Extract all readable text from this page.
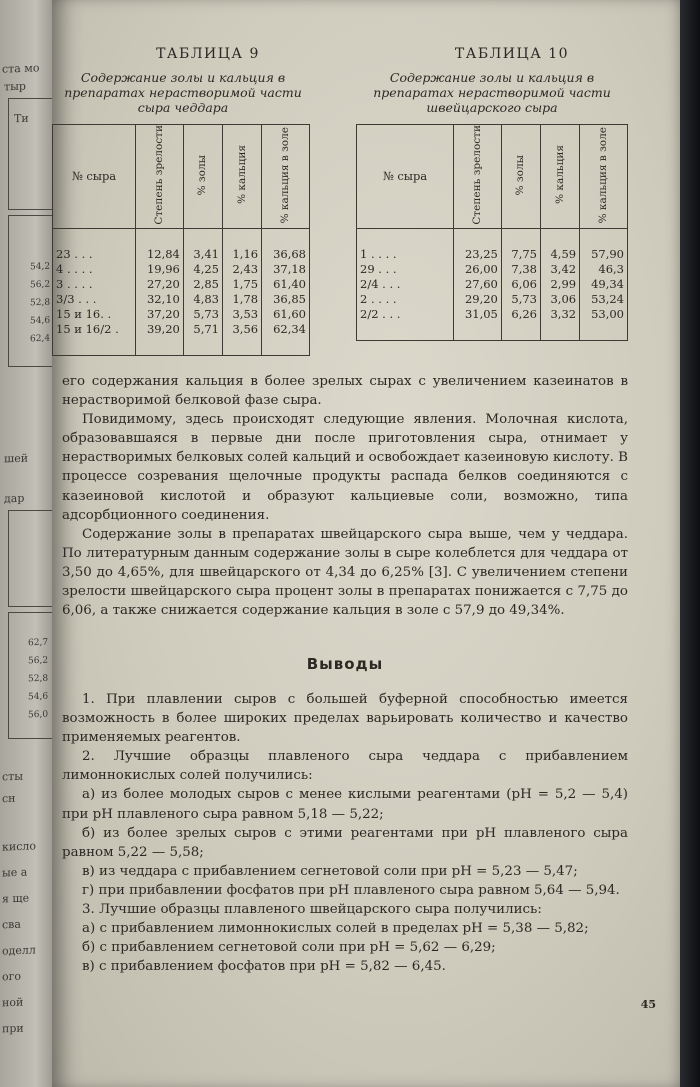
ста мо
тыр
Ти
54,2
56,2
52,8
54,6
62,4
шей
дар
62,7
56,2
52,8
54,6
56,0
сты
сн
кисло
ые а
я ще
сва
оделл
ого
ной
при
ТАБЛИЦА 9
Содержание золы и кальция в препаратах нерастворимой части сыра чеддара
№ сыра	Степень зрелости	% золы	% кальция	% кальция в золе

23 . . .	12,84	3,41	1,16	36,68
4 . . . .	19,96	4,25	2,43	37,18
3 . . . .	27,20	2,85	1,75	61,40
3/3 . . .	32,10	4,83	1,78	36,85
15 и 16. .	37,20	5,73	3,53	61,60
15 и 16/2 .	39,20	5,71	3,56	62,34

ТАБЛИЦА 10
Содержание золы и кальция в препаратах нерастворимой части швейцарского сыра
№ сыра	Степень зрелости	% золы	% кальция	% кальция в золе

1 . . . .	23,25	7,75	4,59	57,90
29 . . .	26,00	7,38	3,42	46,3
2/4 . . .	27,60	6,06	2,99	49,34
2 . . . .	29,20	5,73	3,06	53,24
2/2 . . .	31,05	6,26	3,32	53,00

его содержания кальция в более зрелых сырах с увеличением казеинатов в нерастворимой белковой фазе сыра.

Повидимому, здесь происходят следующие явления. Молочная кислота, образовавшаяся в первые дни после приготовления сыра, отнимает у нерастворимых белковых солей кальций и освобождает казеиновую кислоту. В процессе созревания щелочные продукты распада белков соединяются с казеиновой кислотой и образуют кальциевые соли, возможно, типа адсорбционного соединения.

Содержание золы в препаратах швейцарского сыра выше, чем у чеддара. По литературным данным содержание золы в сыре колеблется для чеддара от 3,50 до 4,65%, для швейцарского от 4,34 до 6,25% [3]. С увеличением степени зрелости швейцарского сыра процент золы в препаратах понижается с 7,75 до 6,06, а также снижается содержание кальция в золе с 57,9 до 49,34%.

Выводы

1. При плавлении сыров с большей буферной способностью имеется возможность в более широких пределах варьировать количество и качество применяемых реагентов.

2. Лучшие образцы плавленого сыра чеддара с прибавлением лимоннокислых солей получились:

а) из более молодых сыров с менее кислыми реагентами (pH = 5,2 — 5,4) при pH плавленого сыра равном 5,18 — 5,22;

б) из более зрелых сыров с этими реагентами при pH плавленого сыра равном 5,22 — 5,58;

в) из чеддара с прибавлением сегнетовой соли при pH = 5,23 — 5,47;

г) при прибавлении фосфатов при pH плавленого сыра равном 5,64 — 5,94.

3. Лучшие образцы плавленого швейцарского сыра получились:

а) с прибавлением лимоннокислых солей в пределах pH = 5,38 — 5,82;

б) с прибавлением сегнетовой соли при pH = 5,62 — 6,29;

в) с прибавлением фосфатов при pH = 5,82 — 6,45.

45
